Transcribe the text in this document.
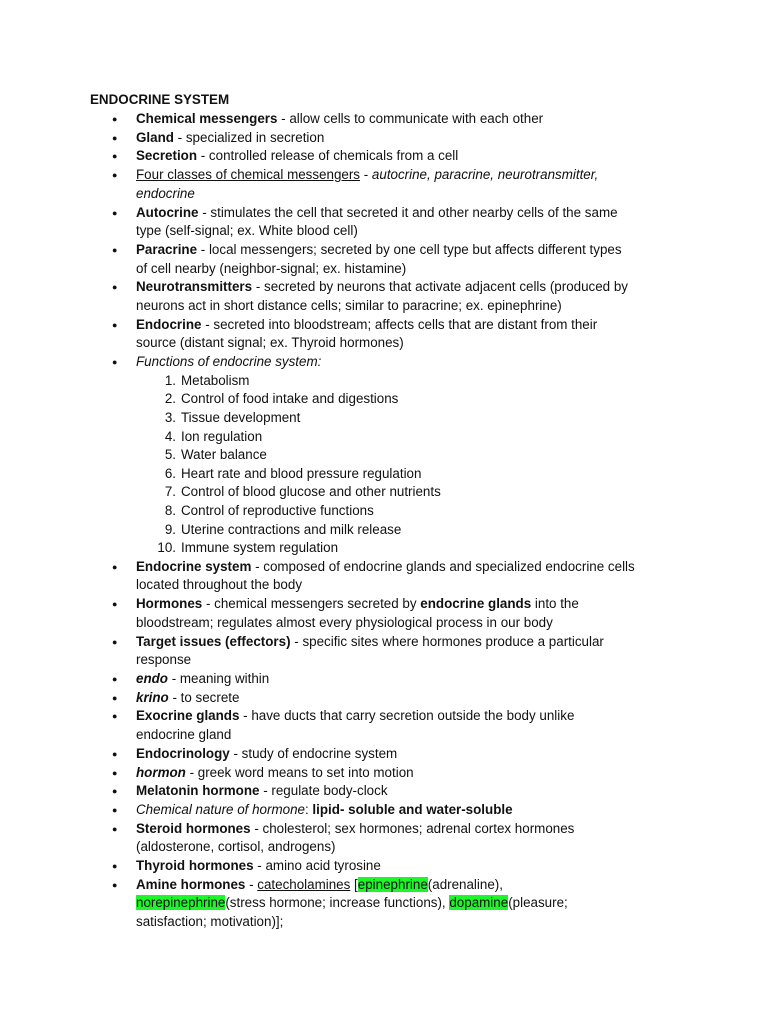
ENDOCRINE SYSTEM
● Chemical messengers - allow cells to communicate with each other
● Gland - specialized in secretion
● Secretion - controlled release of chemicals from a cell
● Four classes of chemical messengers - autocrine, paracrine, neurotransmitter, endocrine
● Autocrine - stimulates the cell that secreted it and other nearby cells of the same type (self-signal; ex. White blood cell)
● Paracrine - local messengers; secreted by one cell type but affects different types of cell nearby (neighbor-signal; ex. histamine)
● Neurotransmitters - secreted by neurons that activate adjacent cells (produced by neurons act in short distance cells; similar to paracrine; ex. epinephrine)
● Endocrine - secreted into bloodstream; affects cells that are distant from their source (distant signal; ex. Thyroid hormones)
● Functions of endocrine system:
1. Metabolism
2. Control of food intake and digestions
3. Tissue development
4. Ion regulation
5. Water balance
6. Heart rate and blood pressure regulation
7. Control of blood glucose and other nutrients
8. Control of reproductive functions
9. Uterine contractions and milk release
10. Immune system regulation
● Endocrine system - composed of endocrine glands and specialized endocrine cells located throughout the body
● Hormones - chemical messengers secreted by endocrine glands into the bloodstream; regulates almost every physiological process in our body
● Target issues (effectors) - specific sites where hormones produce a particular response
● endo - meaning within
● krino - to secrete
● Exocrine glands - have ducts that carry secretion outside the body unlike endocrine gland
● Endocrinology - study of endocrine system
● hormon - greek word means to set into motion
● Melatonin hormone - regulate body-clock
● Chemical nature of hormone: lipid- soluble and water-soluble
● Steroid hormones - cholesterol; sex hormones; adrenal cortex hormones (aldosterone, cortisol, androgens)
● Thyroid hormones - amino acid tyrosine
● Amine hormones - catecholamines [epinephrine(adrenaline), norepinephrine(stress hormone; increase functions), dopamine(pleasure; satisfaction; motivation)];
